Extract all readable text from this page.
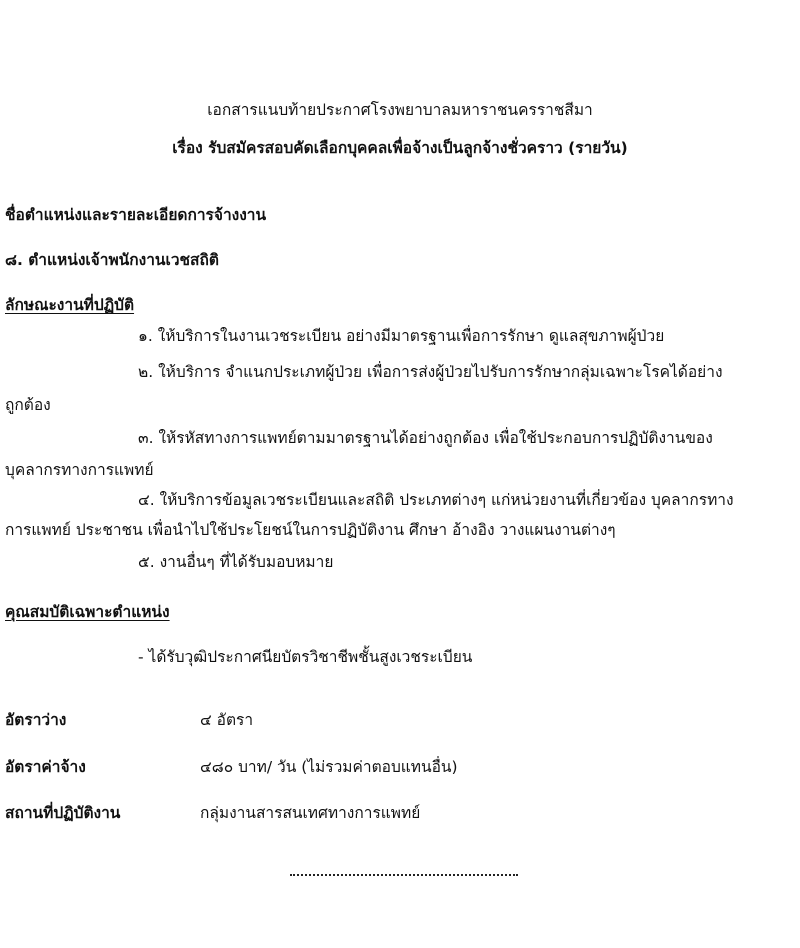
เอกสารแนบท้ายประกาศโรงพยาบาลมหาราชนครราชสีมา
เรื่อง รับสมัครสอบคัดเลือกบุคคลเพื่อจ้างเป็นลูกจ้างชั่วคราว (รายวัน)
ชื่อตำแหน่งและรายละเอียดการจ้างงาน
๘. ตำแหน่งเจ้าพนักงานเวชสถิติ
ลักษณะงานที่ปฏิบัติ
๑. ให้บริการในงานเวชระเบียน อย่างมีมาตรฐานเพื่อการรักษา ดูแลสุขภาพผู้ป่วย
๒. ให้บริการ จำแนกประเภทผู้ป่วย เพื่อการส่งผู้ป่วยไปรับการรักษากลุ่มเฉพาะโรคได้อย่าง
ถูกต้อง
๓. ให้รหัสทางการแพทย์ตามมาตรฐานได้อย่างถูกต้อง เพื่อใช้ประกอบการปฏิบัติงานของ
บุคลากรทางการแพทย์
๔. ให้บริการข้อมูลเวชระเบียนและสถิติ ประเภทต่างๆ แก่หน่วยงานที่เกี่ยวข้อง บุคลากรทาง
การแพทย์ ประชาชน เพื่อนำไปใช้ประโยชน์ในการปฏิบัติงาน ศึกษา อ้างอิง วางแผนงานต่างๆ
๕. งานอื่นๆ ที่ได้รับมอบหมาย
คุณสมบัติเฉพาะตำแหน่ง
- ได้รับวุฒิประกาศนียบัตรวิชาชีพชั้นสูงเวชระเบียน
อัตราว่าง	๔ อัตรา
อัตราค่าจ้าง	๔๘๐ บาท/ วัน (ไม่รวมค่าตอบแทนอื่น)
สถานที่ปฏิบัติงาน	กลุ่มงานสารสนเทศทางการแพทย์
